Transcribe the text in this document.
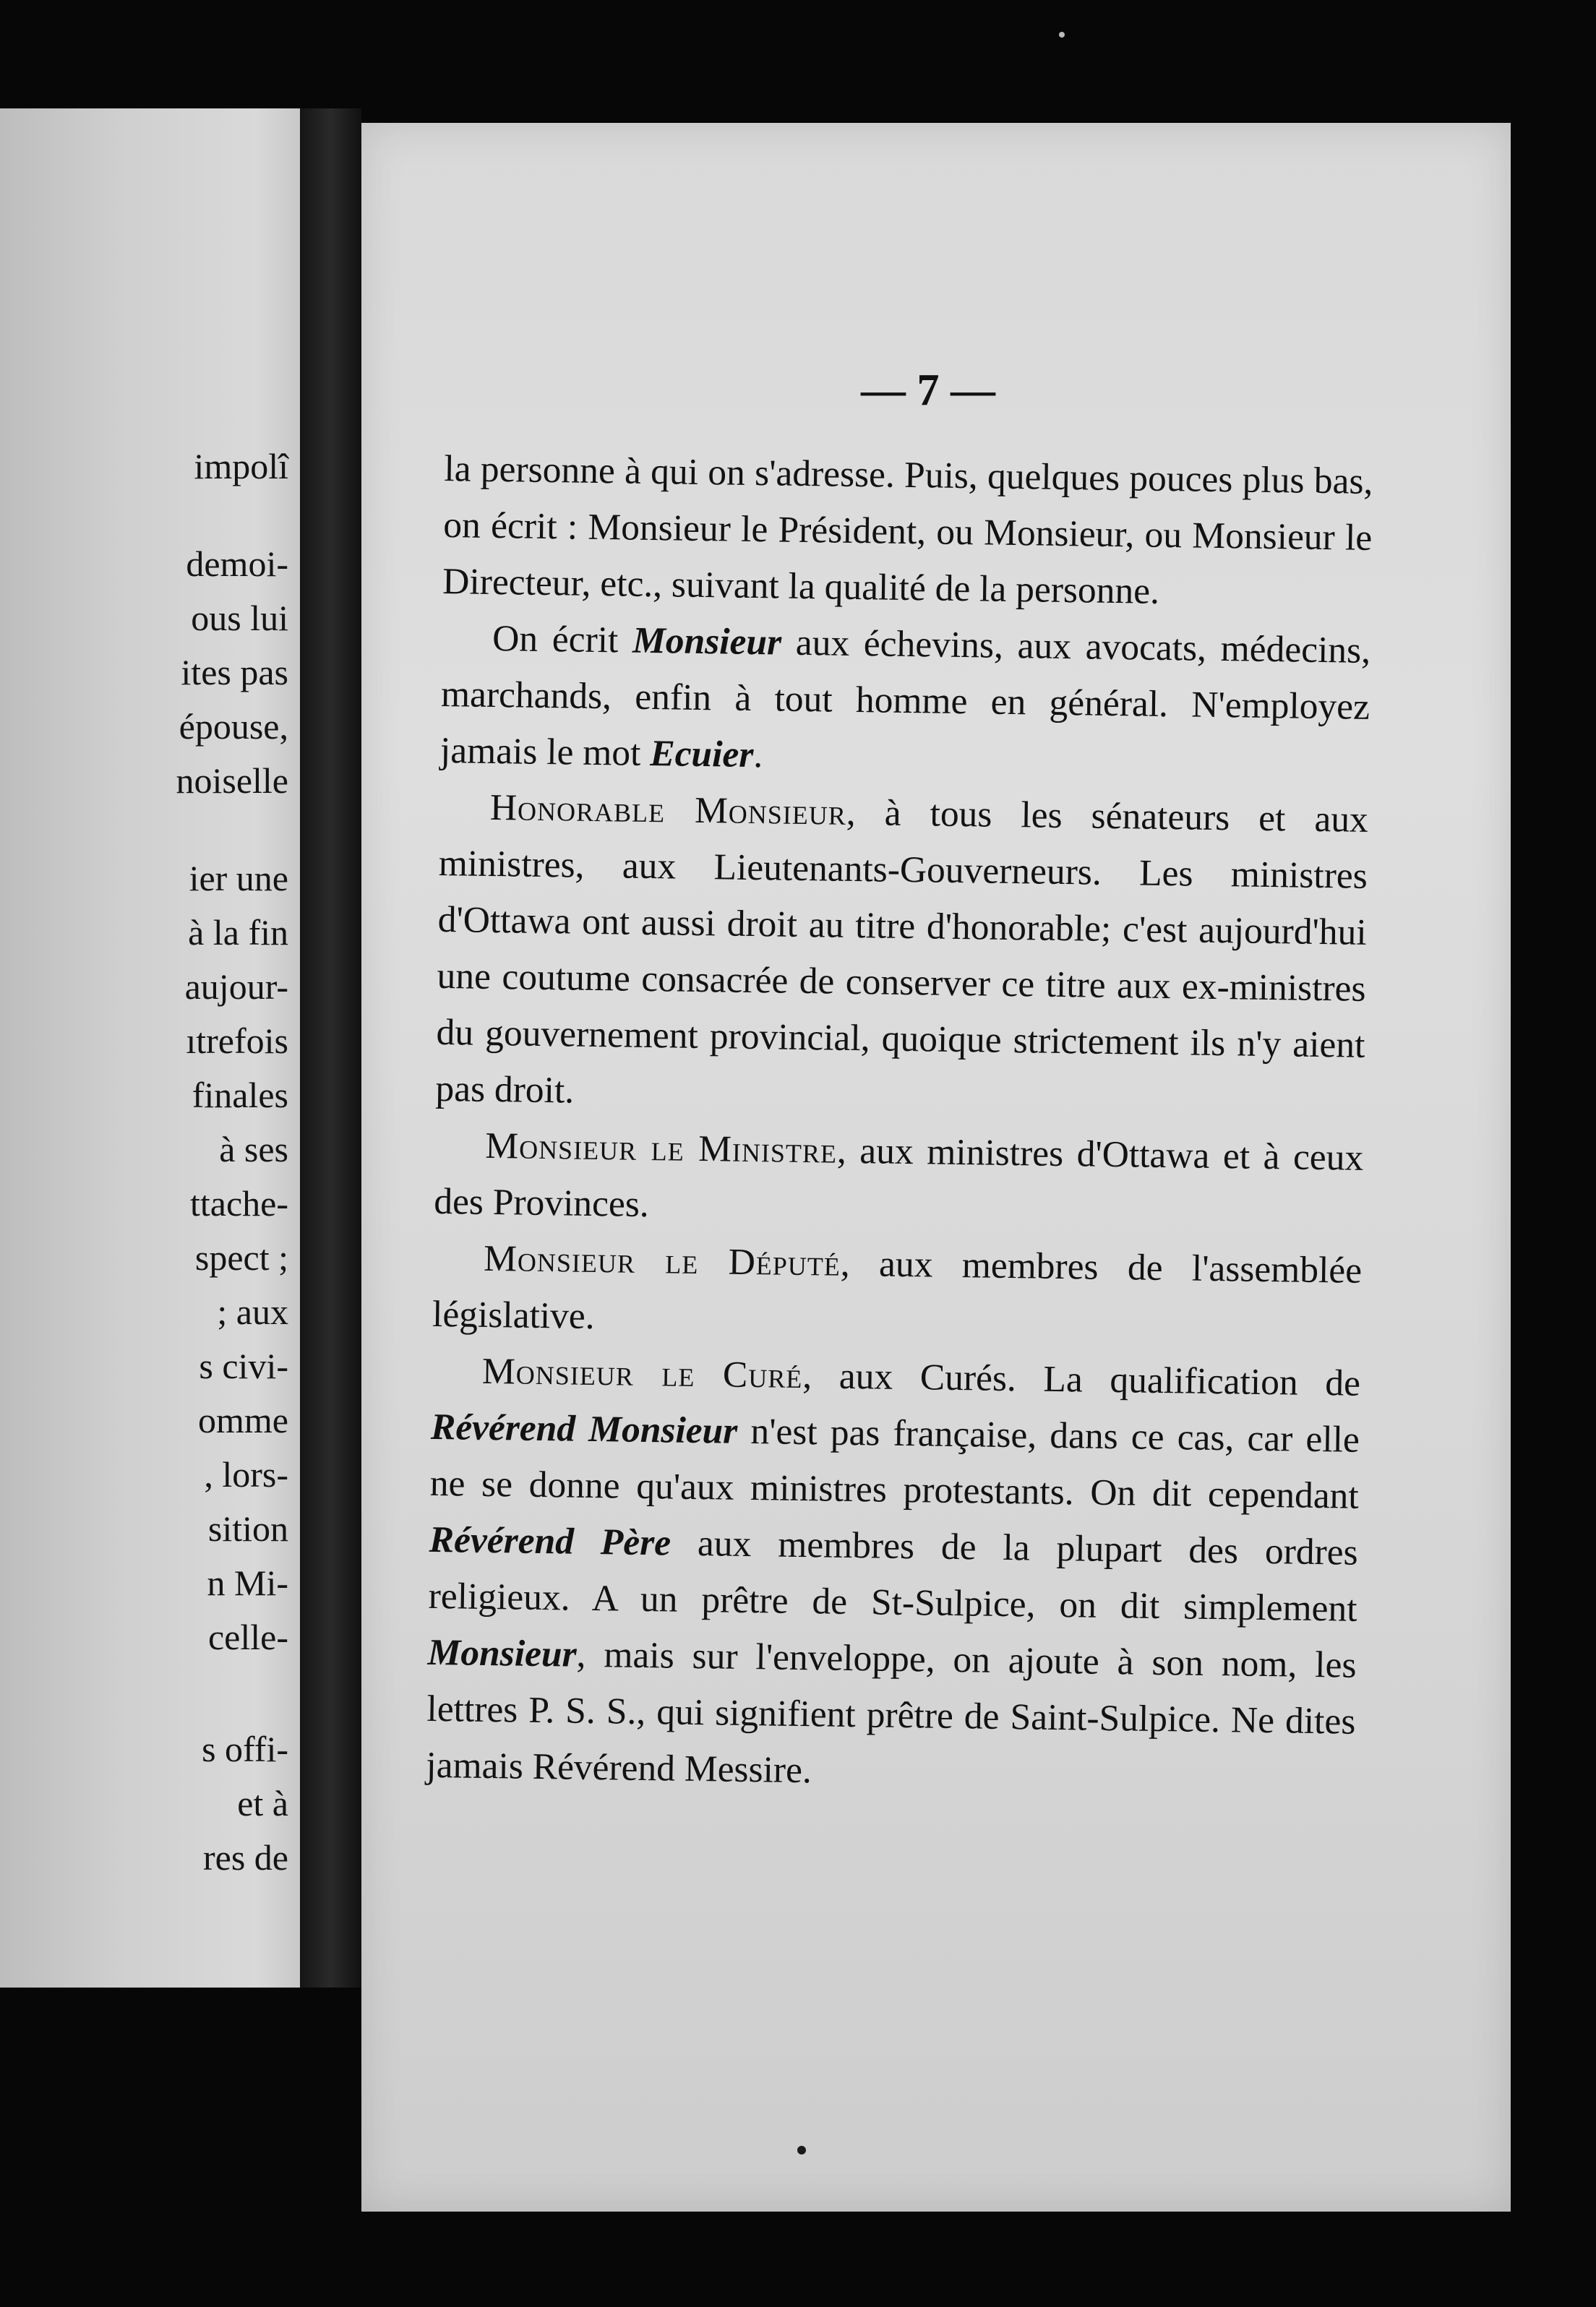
impolî
demoi-
ous lui
ites pas
épouse,
noiselle
ier une
à la fin
aujour-
ıtrefois
finales
à ses
ttache-
spect ;
; aux
s civi-
omme
, lors-
sition
n Mi-
celle-
s offi-
et à
res de
— 7 —

la personne à qui on s'adresse. Puis, quelques pouces plus bas, on écrit : Monsieur le Président, ou Monsieur, ou Monsieur le Directeur, etc., suivant la qualité de la personne.

On écrit Monsieur aux échevins, aux avocats, médecins, marchands, enfin à tout homme en général. N'employez jamais le mot Ecuier.

Honorable Monsieur, à tous les sénateurs et aux ministres, aux Lieutenants-Gouverneurs. Les ministres d'Ottawa ont aussi droit au titre d'honorable; c'est aujourd'hui une coutume consacrée de conserver ce titre aux ex-ministres du gouvernement provincial, quoique strictement ils n'y aient pas droit.

Monsieur le Ministre, aux ministres d'Ottawa et à ceux des Provinces.

Monsieur le Député, aux membres de l'assemblée législative.

Monsieur le Curé, aux Curés. La qualification de Révérend Monsieur n'est pas française, dans ce cas, car elle ne se donne qu'aux ministres protestants. On dit cependant Révérend Père aux membres de la plupart des ordres religieux. A un prêtre de St-Sulpice, on dit simplement Monsieur, mais sur l'enveloppe, on ajoute à son nom, les lettres P. S. S., qui signifient prêtre de Saint-Sulpice. Ne dites jamais Révérend Messire.
